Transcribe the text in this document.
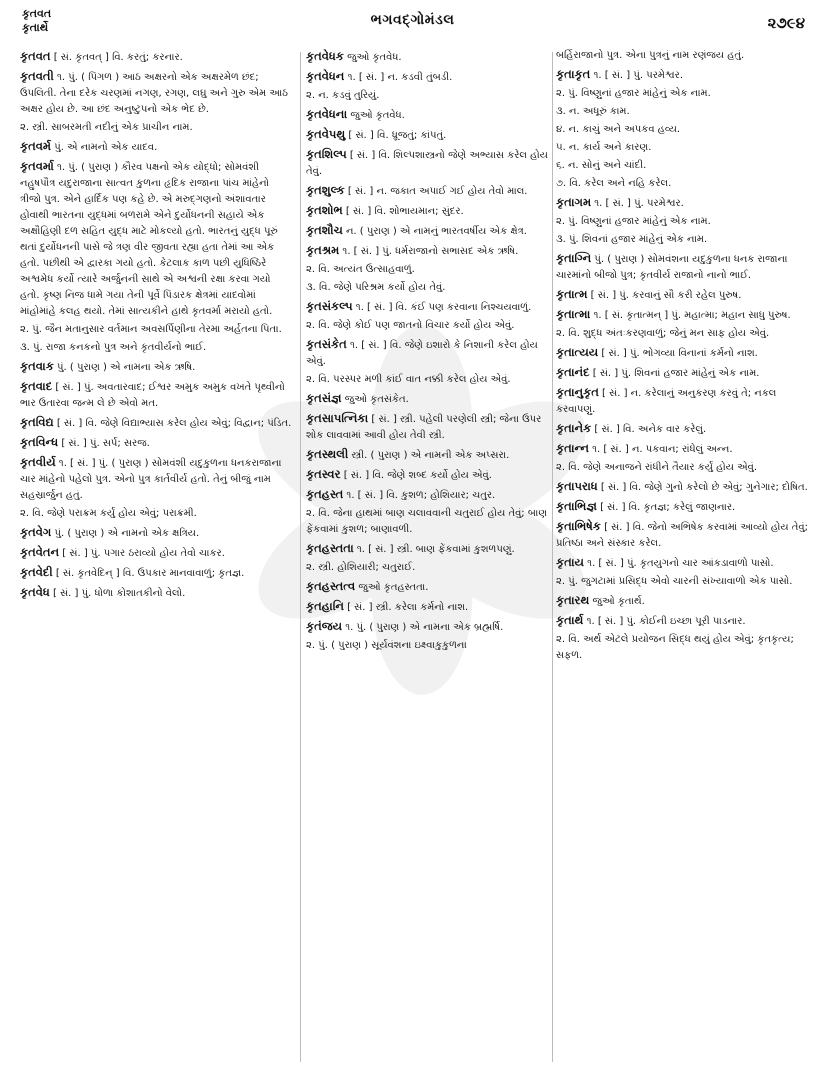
કૃતવત
કૃતાર્થે	ભગવદ્ગોમંડલ	૨૭૯૪
કૃતવત [ સં. કૃતવત્ ] વિ. કરતું; કરનાર.
કૃતવતી ૧. પું. ( પિંગળ ) આઠ અક્ષરનો એક અક્ષરમેળ છંદ; ઉપલિતી. તેના દરેક ચરણમાં નગણ, રગણ, લઘુ અને ગુરુ એમ આઠ અક્ષર હોય છે. આ છંદ અનુષ્ટુપનો એક ભેદ છે.
૨. સ્ત્રી. સાબરમતી નદીનું એક પ્રાચીન નામ.
કૃતવર્મ પું. એ નામનો એક યાદવ.
કૃતવર્મા ૧. પું. ( પુરાણ ) કૌરવ પક્ષનો એક યોદ્ધો; સોમવંશી નહુષપૌત્ર યદુરાજાના સાત્વત કુળના હૃદિક રાજાના પાંચ માંહેનો ત્રીજો પુત્ર. એને હાર્દિક પણ કહે છે. એ મરુદ્ગણનો અંશાવતાર હોવાથી ભારતના યુદ્ધમાં બળરામે એને દુર્યોધનની સહાયે એક અક્ષૌહિણી દળ સહિત યુદ્ધ માટે મોકલ્યો હતો. ભારતનું યુદ્ધ પૂરું થતાં દુર્યોધનની પાસે જે ત્રણ વીર જીવતા રહ્યા હતા તેમાં આ એક હતો. પછીથી એ દ્વારકા ગયો હતો. કેટલાક કાળ પછી યુધિષ્ઠિરે અશ્વમેધ કર્યો ત્યારે અર્જુનની સાથે એ અશ્વની રક્ષા કરવા ગયો હતો. કૃષ્ણ નિજ ધામે ગયા તેની પૂર્વે પિંડારક ક્ષેત્રમાં યાદવોમાં માંહોમાંહે કલહ થયો. તેમાં સાત્યકીને હાથે કૃતવર્મા મરાયો હતો.
૨. પું. જૈન મતાનુસાર વર્તમાન અવસર્પિણીના તેરમા અર્હતના પિતા.
૩. પું. રાજા કનકનો પુત્ર અને કૃતવીર્યનો ભાઈ.
કૃતવાક પું. ( પુરાણ ) એ નામના એક ઋષિ.
કૃતવાદ [ સં. ] પું. અવતારવાદ; ઈશ્વર અમુક અમુક વખતે પૃથ્વીનો ભાર ઉતારવા જન્મ લે છે એવો મત.
કૃતવિદ્ય [ સં. ] વિ. જેણે વિદ્યાભ્યાસ કરેલ હોય એવું; વિદ્વાન; પંડિત.
કૃતવિન્ધ [ સં. ] પું. સર્પ; સરજ.
કૃતવીર્ય ૧. [ સં. ] પું. ( પુરાણ ) સોમવંશી યદુકુળના ધનકરાજાના ચાર માંહેનો પહેલો પુત્ર. એનો પુત્ર કાર્તવીર્ય હતો. તેનું બીજું નામ સહસ્રાર્જુન હતું.
૨. વિ. જેણે પરાક્રમ કર્યું હોય એવું; પરાક્રમી.
કૃતવેગ પું. ( પુરાણ ) એ નામનો એક ક્ષત્રિય.
કૃતવેતન [ સં. ] પું. પગાર ઠરાવ્યો હોય તેવો ચાકર.
કૃતવેદી [ સં. કૃતવેદિન્ ] વિ. ઉપકાર માનવાવાળું; કૃતજ્ઞ.
કૃતવેધ [ સં. ] પું. ધોળા કોશાતકીનો વેલો.
કૃતવેધક જુઓ કૃતવેધ.
કૃતવેધન ૧. [ સં. ] ન. કડવી તુંબડી.
૨. ન. કડવું તુરિયું.
કૃતવેધના જુઓ કૃતવેધ.
કૃતવેપથુ [ સં. ] વિ. ધ્રૂજતું; કાંપતું.
કૃતશિલ્પ [ સં. ] વિ. શિલ્પશાસ્ત્રનો જેણે અભ્યાસ કરેલ હોય તેવું.
કૃતશુલ્ક [ સં. ] ન. જકાત અપાઈ ગઈ હોય તેવો માલ.
કૃતશોભ [ સં. ] વિ. શોભાયમાન; સુંદર.
કૃતશૌચ ન. ( પુરાણ ) એ નામનું ભારતવર્ષીય એક ક્ષેત્ર.
કૃતશ્રમ ૧. [ સં. ] પું. ધર્મરાજાનો સભાસદ એક ઋષિ.
૨. વિ. અત્યંત ઉત્સાહવાળું.
૩. વિ. જેણે પરિશ્રમ કર્યો હોય તેવું.
કૃતસંકલ્પ ૧. [ સં. ] વિ. કંઈ પણ કરવાના નિશ્ચયવાળું.
૨. વિ. જેણે કોઈ પણ જાતનો વિચાર કર્યો હોય એવું.
કૃતસંકેત ૧. [ સં. ] વિ. જેણે ઇશારો કે નિશાની કરેલ હોય એવું.
૨. વિ. પરસ્પર મળી કાંઈ વાત નક્કી કરેલ હોય એવું.
કૃતસંજ્ઞ જુઓ કૃતસંકેત.
કૃતસાપત્નિકા [ સં. ] સ્ત્રી. પહેલી પરણેલી સ્ત્રી; જેના ઉપર શોક લાવવામાં આવી હોય તેવી સ્ત્રી.
કૃતસ્થલી સ્ત્રી. ( પુરાણ ) એ નામની એક અપ્સરા.
કૃતસ્વર [ સં. ] વિ. જેણે શબ્દ કર્યો હોય એવું.
કૃતહસ્ત ૧. [ સં. ] વિ. કુશળ; હોશિયાર; ચતુર.
૨. વિ. જેના હાથમાં બાણ ચલાવવાની ચતુરાઈ હોય તેવું; બાણ ફેંકવામાં કુશળ; બાણાવળી.
કૃતહસ્તતા ૧. [ સં. ] સ્ત્રી. બાણ ફેંકવામાં કુશળપણું.
૨. સ્ત્રી. હોશિયારી; ચતુરાઈ.
કૃતહસ્તત્વ જુઓ કૃતહસ્તતા.
કૃતહાનિ [ સં. ] સ્ત્રી. કરેલા કર્મનો નાશ.
કૃતંજય ૧. પું. ( પુરાણ ) એ નામના એક બ્રહ્મર્ષિ.
૨. પું. ( પુરાણ ) સૂર્યવંશના ઇક્ષ્વાકુકુળના
બર્હિરાજાનો પુત્ર. એના પુત્રનું નામ રણંજય હતું.
કૃતાકૃત ૧. [ સં. ] પું. પરમેશ્વર.
૨. પું. વિષ્ણુનાં હજાર માંહેનું એક નામ.
૩. ન. અધૂરું કામ.
૪. ન. કાચું અને અપકવ હવ્ય.
૫. ન. કાર્ય અને કારણ.
૬. ન. સોનું અને ચાંદી.
૭. વિ. કરેલ અને નહિ કરેલ.
કૃતાગમ ૧. [ સં. ] પું. પરમેશ્વર.
૨. પું. વિષ્ણુનાં હજાર માંહેનું એક નામ.
૩. પું. શિવનાં હજાર માંહેનું એક નામ.
કૃતાગ્નિ પું. ( પુરાણ ) સોમવંશના યદુકુળના ધનક રાજાના ચારમાંનો બીજો પુત્ર; કૃતવીર્ય રાજાનો નાનો ભાઈ.
કૃતાત્મ [ સં. ] પું. કરવાનું સૌ કરી રહેલ પુરુષ.
કૃતાત્મા ૧. [ સં. કૃતાત્મન્ ] પું. મહાત્મા; મહાન સાધુ પુરુષ.
૨. વિ. શુદ્ધ અંતઃકરણવાળું; જેનું મન સાફ હોય એવું.
કૃતાત્યય [ સં. ] પું. ભોગવ્યા વિનાનાં કર્મનો નાશ.
કૃતાનંદ [ સં. ] પું. શિવનાં હજાર માંહેનું એક નામ.
કૃતાનુકૃત [ સં. ] ન. કરેલાનું અનુકરણ કરવું તે; નકલ કરવાપણું.
કૃતાનેક [ સં. ] વિ. અનેક વાર કરેલું.
કૃતાન્ન ૧. [ સં. ] ન. પકવાન; રાંધેલું અન્ન.
૨. વિ. જેણે અનાજને રાંધીને તૈયાર કર્યું હોય એવું.
કૃતાપરાધ [ સં. ] વિ. જેણે ગુનો કરેલો છે એવું; ગુનેગાર; દોષિત.
કૃતાભિજ્ઞ [ સં. ] વિ. કૃતજ્ઞ; કરેલું જાણનાર.
કૃતાભિષેક [ સં. ] વિ. જેનો અભિષેક કરવામાં આવ્યો હોય તેવું; પ્રતિષ્ઠા અને સંસ્કાર કરેલ.
કૃતાય ૧. [ સં. ] પું. કૃતયુગનો ચાર આંકડાવાળો પાસો.
૨. પું. જુગટામાં પ્રસિદ્ધ એવો ચારની સંખ્યાવાળો એક પાસો.
કૃતારથ જુઓ કૃતાર્થ.
કૃતાર્થ ૧. [ સં. ] પું. કોઈની ઇચ્છા પૂરી પાડનાર.
૨. વિ. અર્થ એટલે પ્રયોજન સિદ્ધ થયું હોય એવું; કૃતકૃત્ય; સફળ.
